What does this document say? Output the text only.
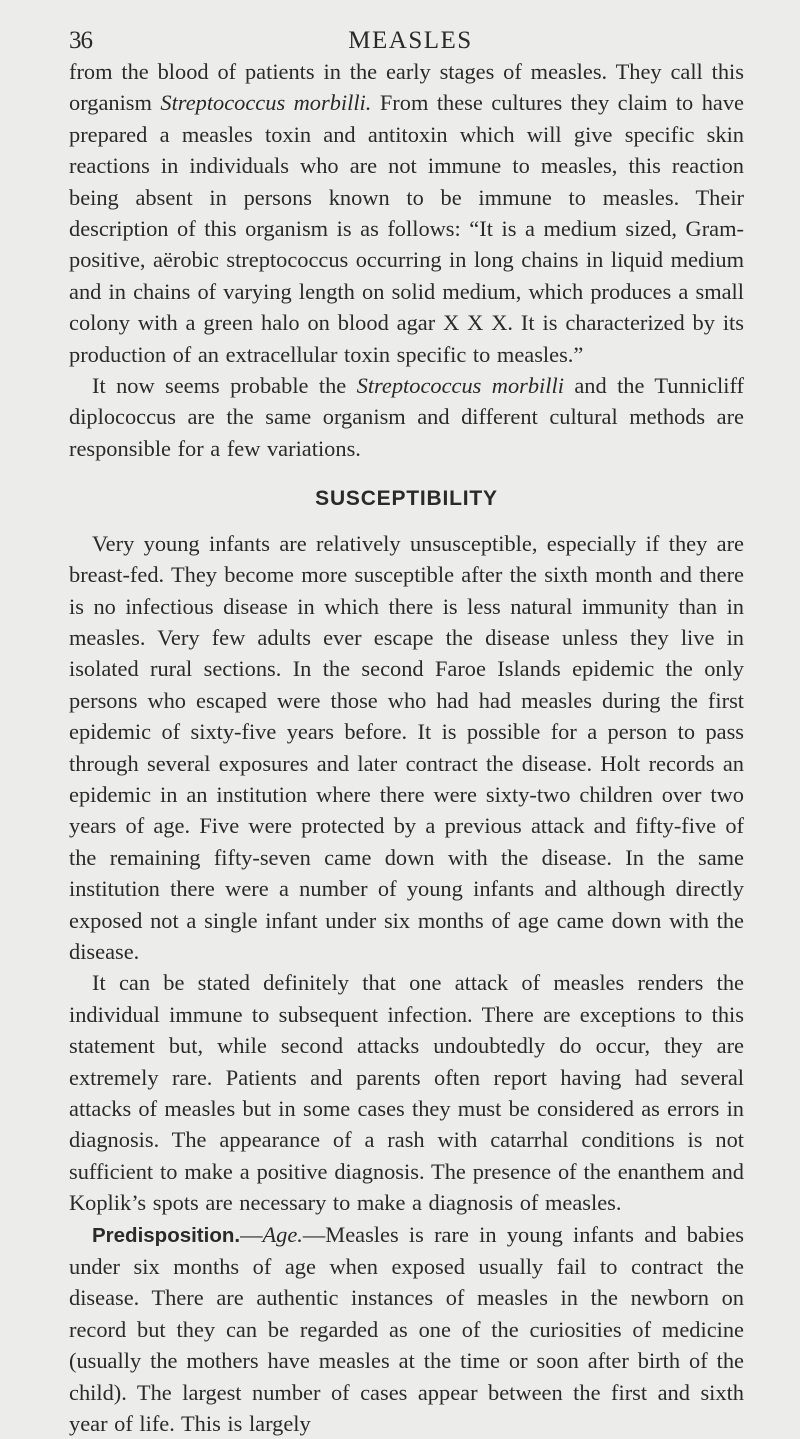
36	MEASLES

from the blood of patients in the early stages of measles. They call this organism Streptococcus morbilli. From these cultures they claim to have prepared a measles toxin and antitoxin which will give specific skin reactions in individuals who are not immune to measles, this reaction being absent in persons known to be immune to measles. Their description of this organism is as follows: “It is a medium sized, Gram-positive, aërobic streptococcus occurring in long chains in liquid medium and in chains of varying length on solid medium, which produces a small colony with a green halo on blood agar X X X. It is characterized by its production of an extracellular toxin specific to measles.”

It now seems probable the Streptococcus morbilli and the Tunnicliff diplococcus are the same organism and different cultural methods are responsible for a few variations.

SUSCEPTIBILITY

Very young infants are relatively unsusceptible, especially if they are breast-fed. They become more susceptible after the sixth month and there is no infectious disease in which there is less natural immunity than in measles. Very few adults ever escape the disease unless they live in isolated rural sections. In the second Faroe Islands epidemic the only persons who escaped were those who had had measles during the first epidemic of sixty-five years before. It is possible for a person to pass through several exposures and later contract the disease. Holt records an epidemic in an institution where there were sixty-two children over two years of age. Five were protected by a previous attack and fifty-five of the remaining fifty-seven came down with the disease. In the same institution there were a number of young infants and although directly exposed not a single infant under six months of age came down with the disease.

It can be stated definitely that one attack of measles renders the individual immune to subsequent infection. There are exceptions to this statement but, while second attacks undoubtedly do occur, they are extremely rare. Patients and parents often report having had several attacks of measles but in some cases they must be considered as errors in diagnosis. The appearance of a rash with catarrhal conditions is not sufficient to make a positive diagnosis. The presence of the enanthem and Koplik’s spots are necessary to make a diagnosis of measles.

Predisposition.—Age.—Measles is rare in young infants and babies under six months of age when exposed usually fail to contract the disease. There are authentic instances of measles in the newborn on record but they can be regarded as one of the curiosities of medicine (usually the mothers have measles at the time or soon after birth of the child). The largest number of cases appear between the first and sixth year of life. This is largely
